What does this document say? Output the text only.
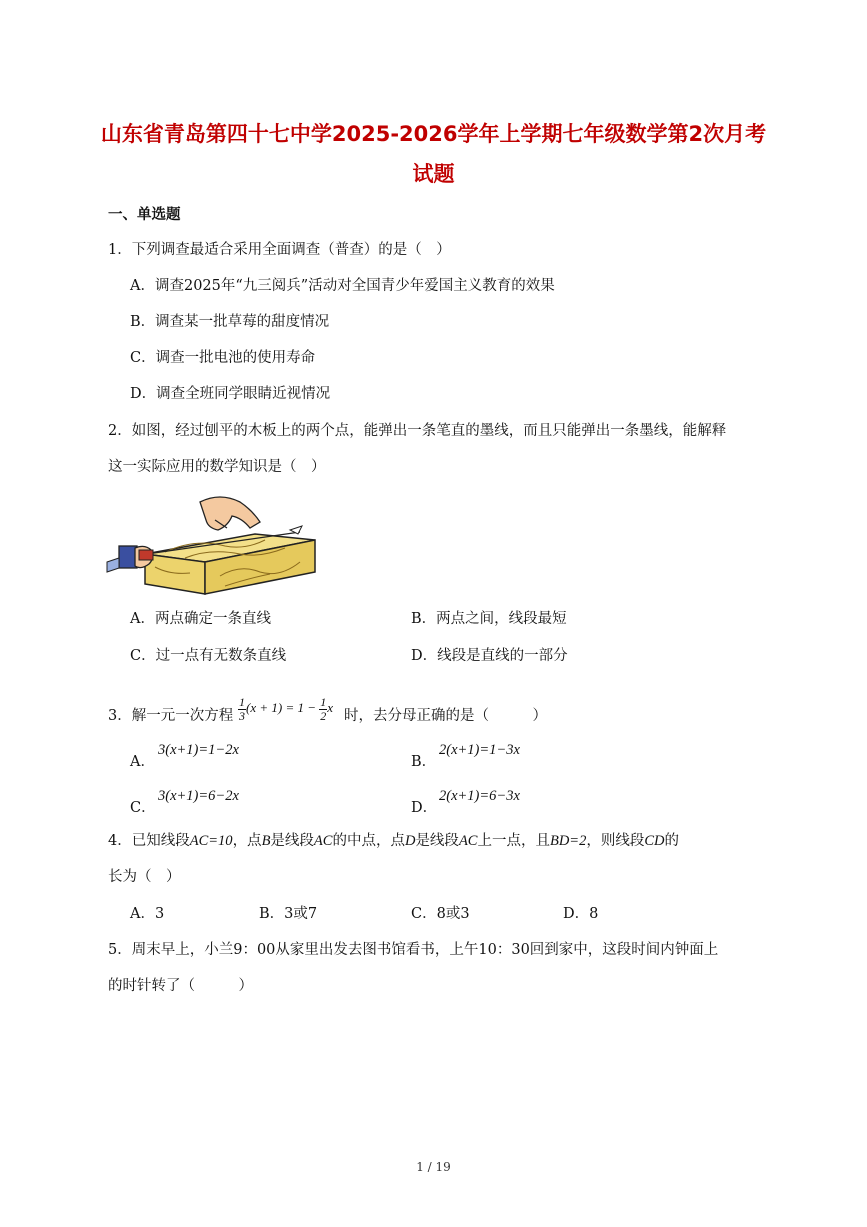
山东省青岛第四十七中学2025-2026学年上学期七年级数学第2次月考
试题
一、单选题
1．下列调查最适合采用全面调查（普查）的是（　）
A．调查2025年“九三阅兵”活动对全国青少年爱国主义教育的效果
B．调查某一批草莓的甜度情况
C．调查一批电池的使用寿命
D．调查全班同学眼睛近视情况
2．如图，经过刨平的木板上的两个点，能弹出一条笔直的墨线，而且只能弹出一条墨线，能解释
这一实际应用的数学知识是（　）
A．两点确定一条直线	B．两点之间，线段最短
C．过一点有无数条直线	D．线段是直线的一部分
3．解一元一次方程 $\frac{1}{3} (x + 1) = 1 - \frac{1}{2}$ x
时，去分母正确的是（　　　）
A．
3(x+1)=1−2x
B．
2(x+1)=1−3x
C．
3(x+1)=6−2x
D．
2(x+1)=6−3x
4．已知线段AC=10，点B是线段AC的中点，点D是线段AC上一点，且BD=2，则线段CD的
长为（　）
A．3	B．3或7	C．8或3	D．8
5．周末早上，小兰9：00从家里出发去图书馆看书，上午10：30回到家中，这段时间内钟面上
的时针转了（　　　）
1 / 19
